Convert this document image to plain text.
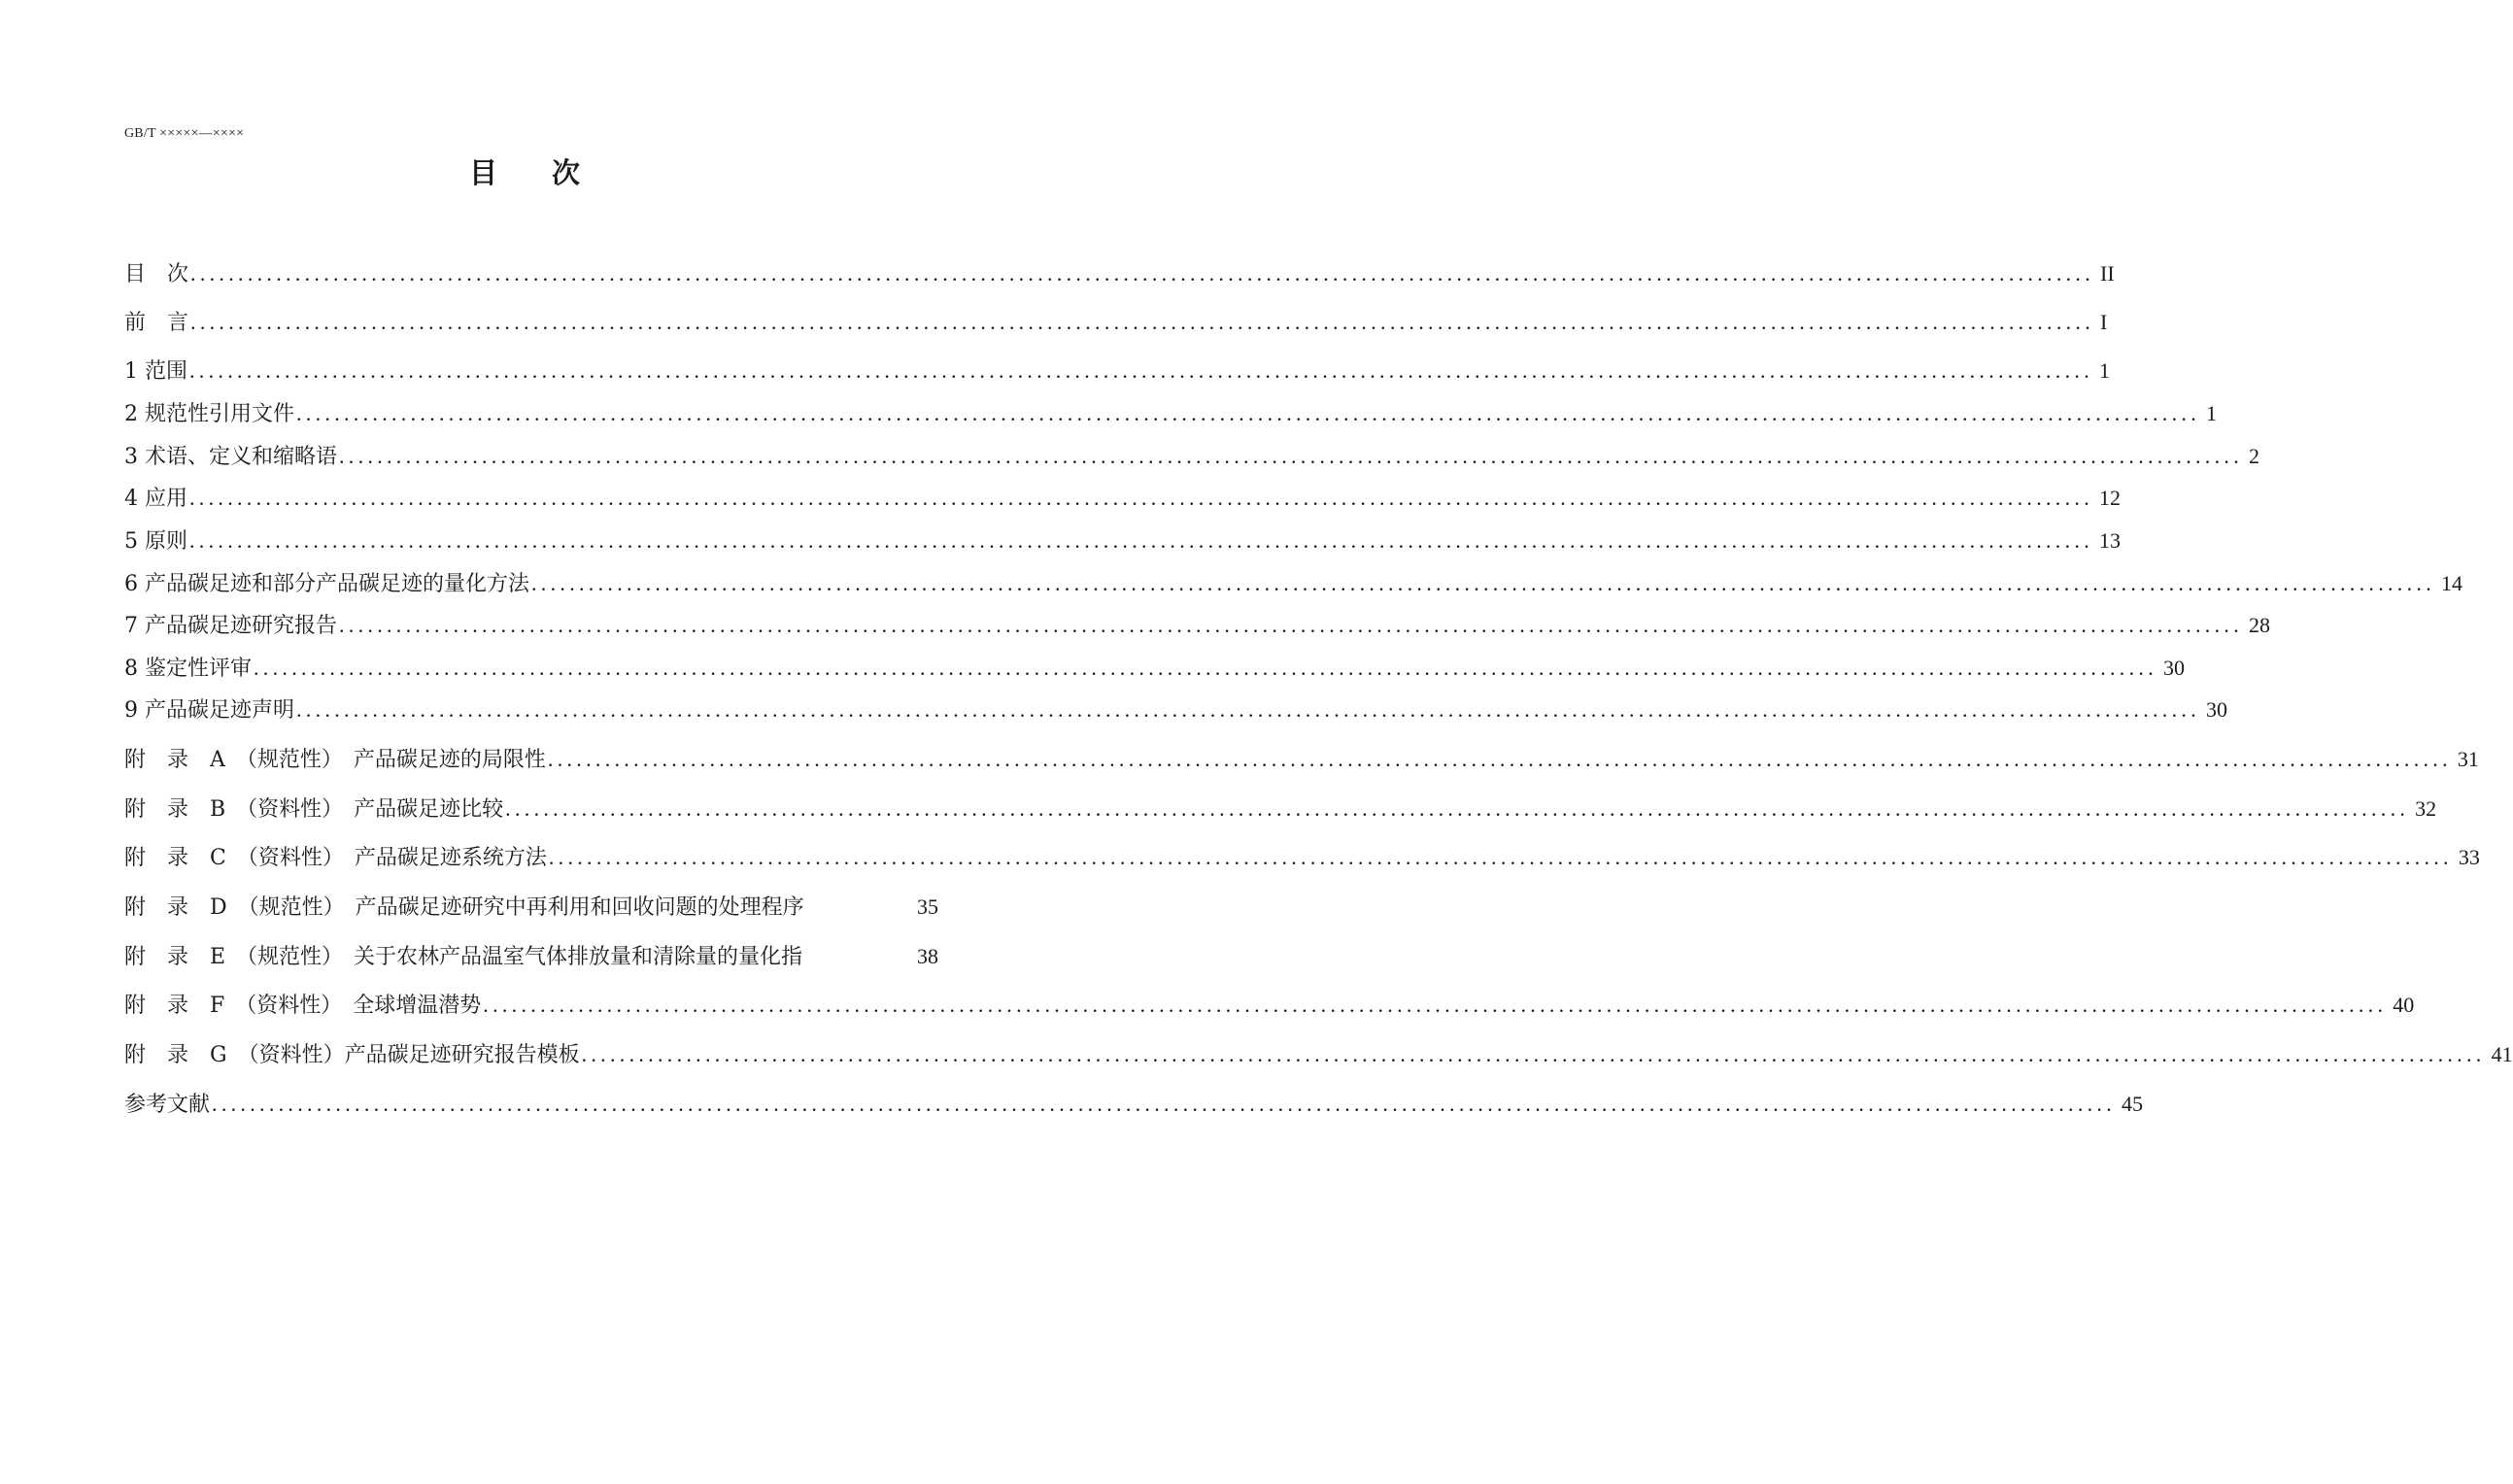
GB/T ×××××—××××
目 次
目　次 ........................................................................................................................................................................................................ II
前　言 ........................................................................................................................................................................................................ I
1 范围 ........................................................................................................................................................................................................ 1
2 规范性引用文件 ........................................................................................................................................................................................................ 1
3 术语、定义和缩略语 ........................................................................................................................................................................................................ 2
4 应用 ........................................................................................................................................................................................................ 12
5 原则 ........................................................................................................................................................................................................ 13
6 产品碳足迹和部分产品碳足迹的量化方法 ........................................................................................................................................................................................................ 14
7 产品碳足迹研究报告 ........................................................................................................................................................................................................ 28
8 鉴定性评审 ........................................................................................................................................................................................................ 30
9 产品碳足迹声明 ........................................................................................................................................................................................................ 30
附　录　A　（规范性）　产品碳足迹的局限性 ........................................................................................................................................................................................................ 31
附　录　B　（资料性）　产品碳足迹比较 ........................................................................................................................................................................................................ 32
附　录　C　（资料性）　产品碳足迹系统方法 ........................................................................................................................................................................................................ 33
附　录　D　（规范性）　产品碳足迹研究中再利用和回收问题的处理程序	35
附　录　E　（规范性）　关于农林产品温室气体排放量和清除量的量化指	38
附　录　F　（资料性）　全球增温潜势 ........................................................................................................................................................................................................ 40
附　录　G　（资料性）产品碳足迹研究报告模板 ........................................................................................................................................................................................................ 41
参考文献 ........................................................................................................................................................................................................ 45
